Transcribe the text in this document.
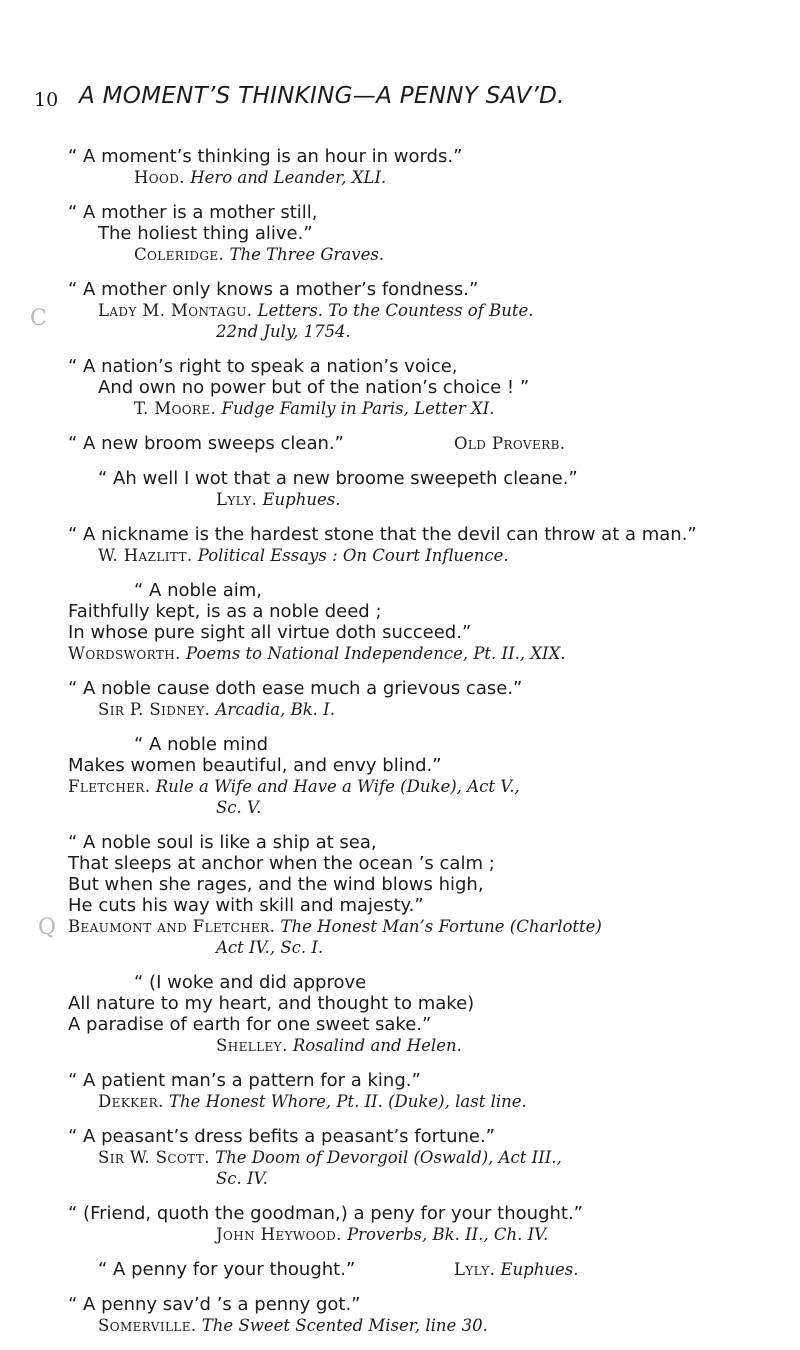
10 A MOMENT’S THINKING—A PENNY SAV’D.
C
Q
“ A moment’s thinking is an hour in words.”
Hood. Hero and Leander, XLI.
“ A mother is a mother still,
The holiest thing alive.”
Coleridge. The Three Graves.
“ A mother only knows a mother’s fondness.”
Lady M. Montagu. Letters. To the Countess of Bute.
22nd July, 1754.
“ A nation’s right to speak a nation’s voice,
And own no power but of the nation’s choice ! ”
T. Moore. Fudge Family in Paris, Letter XI.
“ A new broom sweeps clean.”	Old Proverb.
“ Ah well I wot that a new broome sweepeth cleane.”
Lyly. Euphues.
“ A nickname is the hardest stone that the devil can throw at a man.”
W. Hazlitt. Political Essays : On Court Influence.
“ A noble aim,
Faithfully kept, is as a noble deed ;
In whose pure sight all virtue doth succeed.”
Wordsworth. Poems to National Independence, Pt. II., XIX.
“ A noble cause doth ease much a grievous case.”
Sir P. Sidney. Arcadia, Bk. I.
“ A noble mind
Makes women beautiful, and envy blind.”
Fletcher. Rule a Wife and Have a Wife (Duke), Act V.,
Sc. V.
“ A noble soul is like a ship at sea,
That sleeps at anchor when the ocean ’s calm ;
But when she rages, and the wind blows high,
He cuts his way with skill and majesty.”
Beaumont and Fletcher. The Honest Man’s Fortune (Charlotte)
Act IV., Sc. I.
“ (I woke and did approve
All nature to my heart, and thought to make)
A paradise of earth for one sweet sake.”
Shelley. Rosalind and Helen.
“ A patient man’s a pattern for a king.”
Dekker. The Honest Whore, Pt. II. (Duke), last line.
“ A peasant’s dress befits a peasant’s fortune.”
Sir W. Scott. The Doom of Devorgoil (Oswald), Act III.,
Sc. IV.
“ (Friend, quoth the goodman,) a peny for your thought.”
John Heywood. Proverbs, Bk. II., Ch. IV.
“ A penny for your thought.”	Lyly. Euphues.
“ A penny sav’d ’s a penny got.”
Somerville. The Sweet Scented Miser, line 30.
